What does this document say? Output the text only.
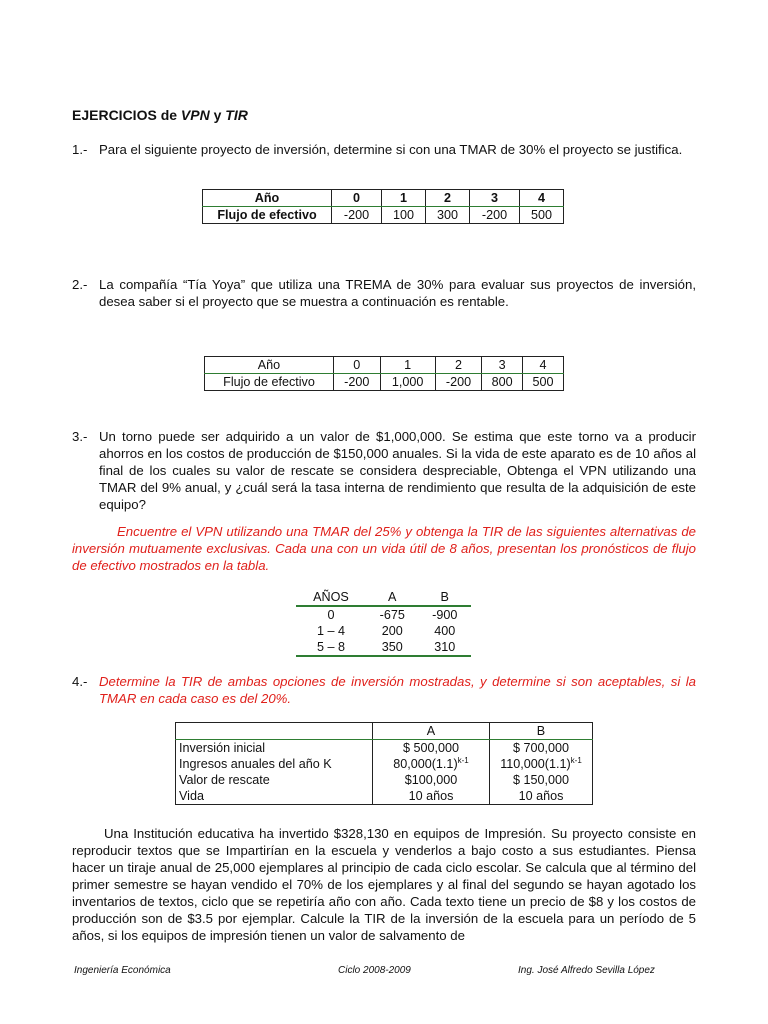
EJERCICIOS de VPN y TIR
1.- Para el siguiente proyecto de inversión, determine si con una TMAR de 30% el proyecto se justifica.
Año	0	1	2	3	4
Flujo de efectivo	-200	100	300	-200	500
2.- La compañía “Tía Yoya” que utiliza una TREMA de 30% para evaluar sus proyectos de inversión, desea saber si el proyecto que se muestra a continuación es rentable.
Año	0	1	2	3	4
Flujo de efectivo	-200	1,000	-200	800	500
3.- Un torno puede ser adquirido a un valor de $1,000,000. Se estima que este torno va a producir ahorros en los costos de producción de $150,000 anuales. Si la vida de este aparato es de 10 años al final de los cuales su valor de rescate se considera despreciable, Obtenga el VPN utilizando una TMAR del 9% anual, y ¿cuál será la tasa interna de rendimiento que resulta de la adquisición de este equipo?
Encuentre el VPN utilizando una TMAR del 25% y obtenga la TIR de las siguientes alternativas de inversión mutuamente exclusivas. Cada una con un vida útil de 8 años, presentan los pronósticos de flujo de efectivo mostrados en la tabla.
AÑOS	A	B
0	-675	-900
1 – 4	200	400
5 – 8	350	310
4.- Determine la TIR de ambas opciones de inversión mostradas, y determine si son aceptables, si la TMAR en cada caso es del 20%.
	A	B
Inversión inicial	$ 500,000	$ 700,000
Ingresos anuales del año K	$80,000(1.1)^{k-1}$	$110,000(1.1)^{k-1}$
Valor de rescate	$100,000	$ 150,000
Vida	10 años	10 años
Una Institución educativa ha invertido $328,130 en equipos de Impresión. Su proyecto consiste en reproducir textos que se Impartirían en la escuela y venderlos a bajo costo a sus estudiantes. Piensa hacer un tiraje anual de 25,000 ejemplares al principio de cada ciclo escolar. Se calcula que al término del primer semestre se hayan vendido el 70% de los ejemplares y al final del segundo se hayan agotado los inventarios de textos, ciclo que se repetiría año con año. Cada texto tiene un precio de $8 y los costos de producción son de $3.5 por ejemplar. Calcule la TIR de la inversión de la escuela para un período de 5 años, si los equipos de impresión tienen un valor de salvamento de
Ingeniería Económica	Ciclo 2008-2009	Ing. José Alfredo Sevilla López
